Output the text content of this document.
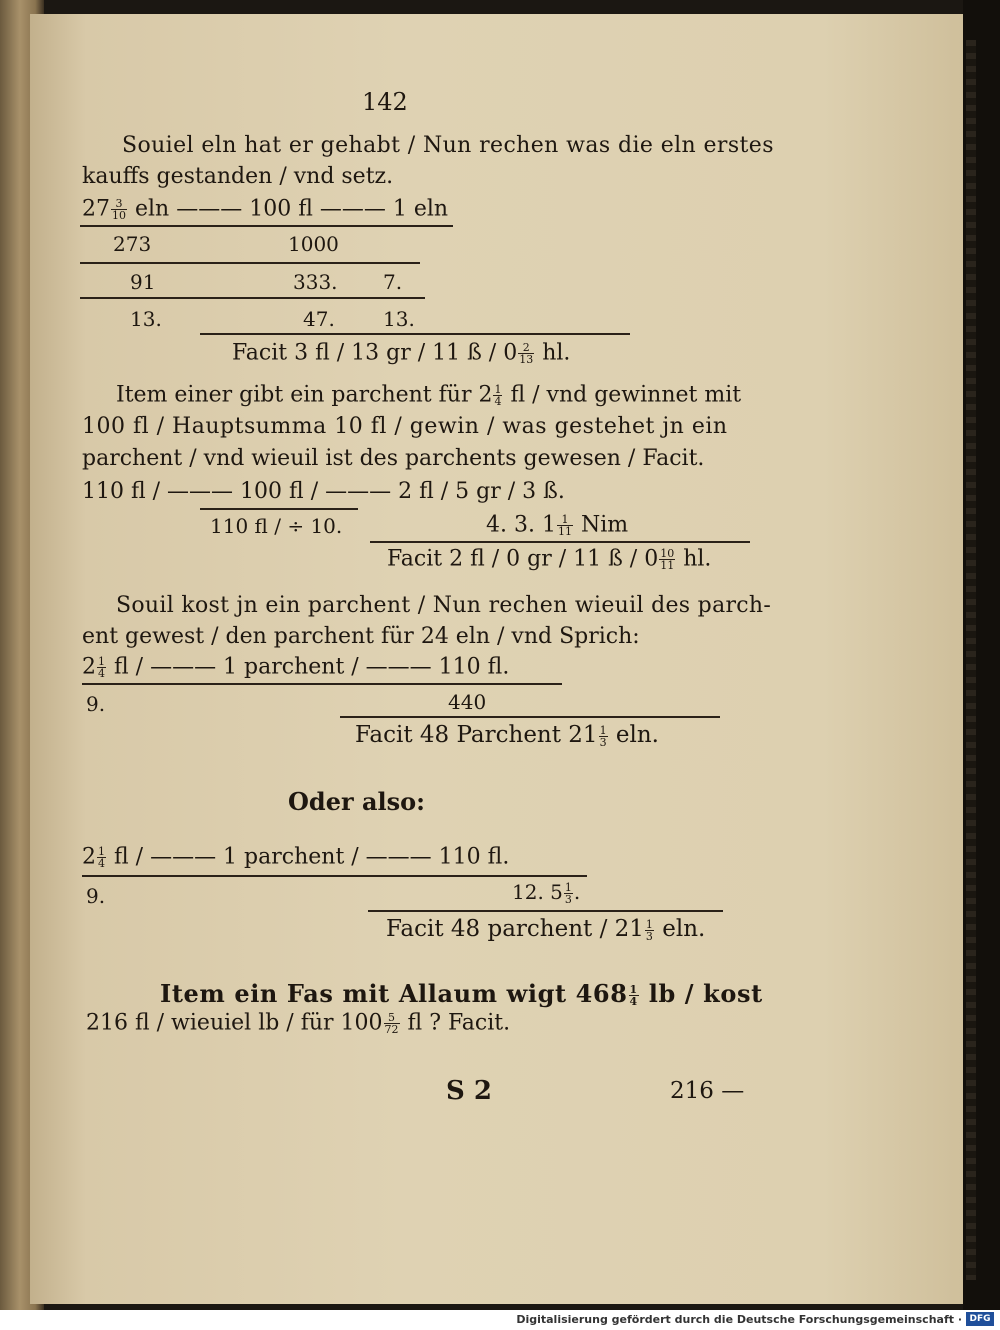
142
Souiel eln hat er gehabt / Nun rechen was die eln erstes
kauffs gestanden / vnd setz.
$27 \frac{3}{10}$ eln ——— 100 fl ——— 1 eln
273	1000
91	333. 7.
13.	47. 13.
Facit 3 fl / 13 gr / 11 ß / $0 \frac{2}{13}$ hl.
Item einer gibt ein parchent für $2 \frac{1}{4}$ fl / vnd gewinnet mit
100 fl / Hauptsumma 10 fl / gewin / was gestehet jn ein
parchent / vnd wieuil ist des parchents gewesen / Facit.
110 fl / ——— 100 fl / ——— 2 fl / 5 gr / 3 ß.
110 fl / ÷ 10.	4. 3. $1 \frac{1}{11}$ Nim
Facit 2 fl / 0 gr / 11 ß / $0 \frac{10}{11}$ hl.
Souil kost jn ein parchent / Nun rechen wieuil des parch-
ent gewest / den parchent für 24 eln / vnd Sprich:
$2 \frac{1}{4}$ fl / ——— 1 parchent / ——— 110 fl.
9.	440
Facit 48 Parchent $21 \frac{1}{3} eln$.
Oder also:
$2 \frac{1}{4}$ fl / ——— 1 parchent / ——— 110 fl.
9.	12. $5 \frac{1}{3}$ .
Facit 48 parchent / $21 \frac{1}{3} eln$.
Item ein Fas mit Allaum wigt $468 \frac{1}{4}$ lb / kost
216 fl / wieuiel lb / für $100 \frac{5}{72}$ fl ? Facit.
S 2	216 —
Digitalisierung gefördert durch die Deutsche Forschungsgemeinschaft · DFG
